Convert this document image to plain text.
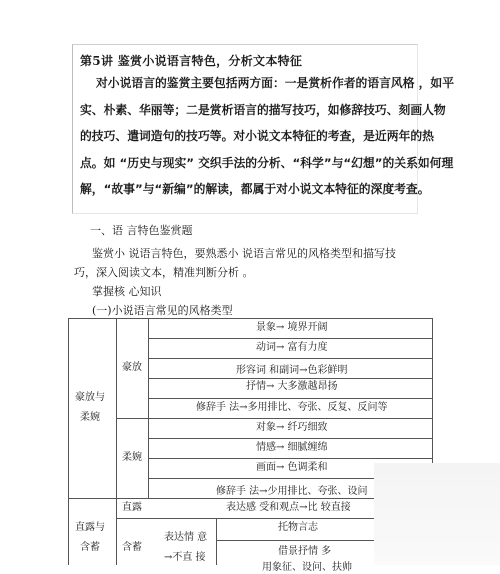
第5讲 鉴赏小说语言特色，分析文本特征
对小说语言的鉴赏主要包括两方面：一是赏析作者的语言风格 ，如平实、朴素、华丽等；二是赏析语言的描写技巧，如修辞技巧、刻画人物的技巧、遣词造句的技巧等。对小说文本特征的考查，是近两年的热点。如 “历史与现实” 交织手法的分析、“科学”与“幻想”的关系如何理解，“故事”与“新编”的解读，都属于对小说文本特征的深度考查。
一、语 言特色鉴赏题
鉴赏小 说语言特色，要熟悉小 说语言常见的风格类型和描写技巧，深入阅读文本，精准判断分析 。
掌握核 心知识
(一)小说语言常见的风格类型
豪放与
柔婉
豪放
景象→ 境界开阔
动词→ 富有力度
形容词 和副词→色彩鲜明
抒情→ 大多激越昂扬
修辞手 法→多用排比、夸张、反复、反问等
柔婉
对象→ 纤巧细致
情感→ 细腻缠绵
画面→ 色调柔和
修辞手 法→少用排比、夸张、设问
直露与
含蓄
直露	表达感 受和观点→比 较直接
含蓄
表达情 意
→不直 接
托物言志
借景抒情 多
用象征、设问、扶帅
